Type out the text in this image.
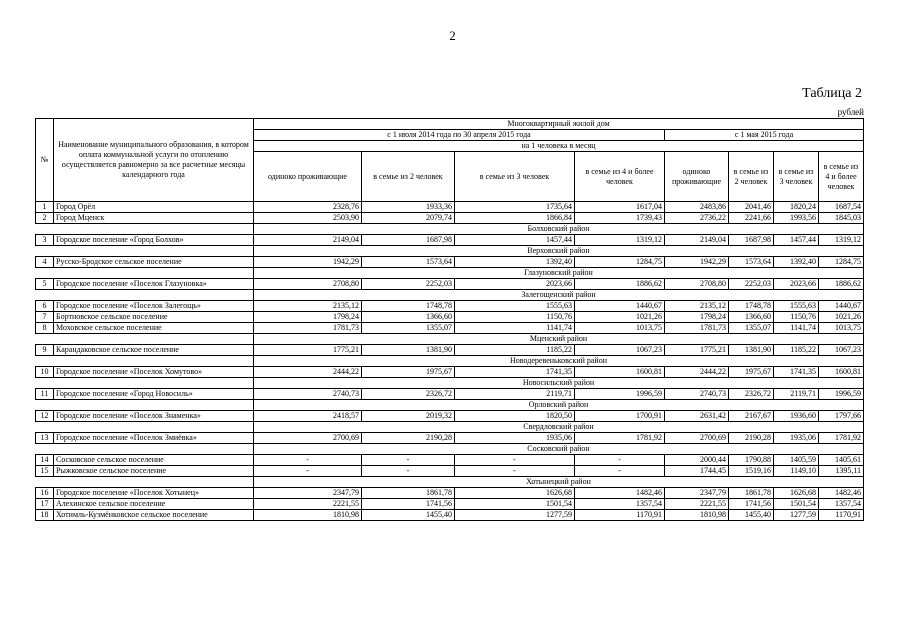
2
Таблица 2
рублей
№	Наименование муниципального образования, в котором оплата коммунальной услуги по отоплению осуществляется равномерно за все расчетные месяцы календарного года	Многоквартирный жилой дом							
		с 1 июля 2014 года по 30 апреля 2015 года				с 1 мая 2015 года			
		на 1 человека в месяц							
		одиноко проживающие	в семье из 2 человек	в семье из 3 человек	в семье из 4 и более человек	одиноко проживающие	в семье из 2 человек	в семье из 3 человек	в семье из 4 и более человек
1	Город Орёл	2328,76	1933,36	1735,64	1617,04	2483,86	2041,46	1820,24	1687,54
2	Город Мценск	2503,90	2079,74	1866,84	1739,43	2736,22	2241,66	1993,56	1845,03
		Болховский район							
3	Городское поселение «Город Болхов»	2149,04	1687,98	1457,44	1319,12	2149,04	1687,98	1457,44	1319,12
		Верховский район							
4	Русско-Бродское сельское поселение	1942,29	1573,64	1392,40	1284,75	1942,29	1573,64	1392,40	1284,75
		Глазуновский район							
5	Городское поселение «Поселок Глазуновка»	2708,80	2252,03	2023,66	1886,62	2708,80	2252,03	2023,66	1886,62
		Залегощенский район							
6	Городское поселение «Поселок Залегощь»	2135,12	1748,78	1555,63	1440,67	2135,12	1748,78	1555,63	1440,67
7	Бортновское сельское поселение	1798,24	1366,60	1150,76	1021,26	1798,24	1366,60	1150,76	1021,26
8	Моховское сельское поселение	1781,73	1355,07	1141,74	1013,75	1781,73	1355,07	1141,74	1013,75
		Мценский район							
9	Карандаковское сельское поселение	1775,21	1381,90	1185,22	1067,23	1775,21	1381,90	1185,22	1067,23
		Новодеревеньковский район							
10	Городское поселение «Поселок Хомутово»	2444,22	1975,67	1741,35	1600,81	2444,22	1975,67	1741,35	1600,81
		Новосильский район							
11	Городское поселение «Город Новосиль»	2740,73	2326,72	2119,71	1996,59	2740,73	2326,72	2119,71	1996,59
		Орловский район							
12	Городское поселение «Поселок Знаменка»	2418,57	2019,32	1820,50	1700,91	2631,42	2167,67	1936,60	1797,66
		Свердловский район							
13	Городское поселение «Поселок Змиёвка»	2700,69	2190,28	1935,06	1781,92	2700,69	2190,28	1935,06	1781,92
		Сосковский район							
14	Сосковское сельское поселение	-	-	-	-	2000,44	1790,88	1405,59	1405,61
15	Рыжковское сельское поселение	-	-	-	-	1744,45	1519,16	1149,10	1395,11
		Хотынецкий район							
16	Городское поселение «Поселок Хотынец»	2347,79	1861,78	1626,68	1482,46	2347,79	1861,78	1626,68	1482,46
17	Алехинское сельское поселение	2221,55	1741,56	1501,54	1357,54	2221,55	1741,56	1501,54	1357,54
18	Хотимль-Кузмёнковское сельское поселение	1810,98	1455,40	1277,59	1170,91	1810,98	1455,40	1277,59	1170,91
